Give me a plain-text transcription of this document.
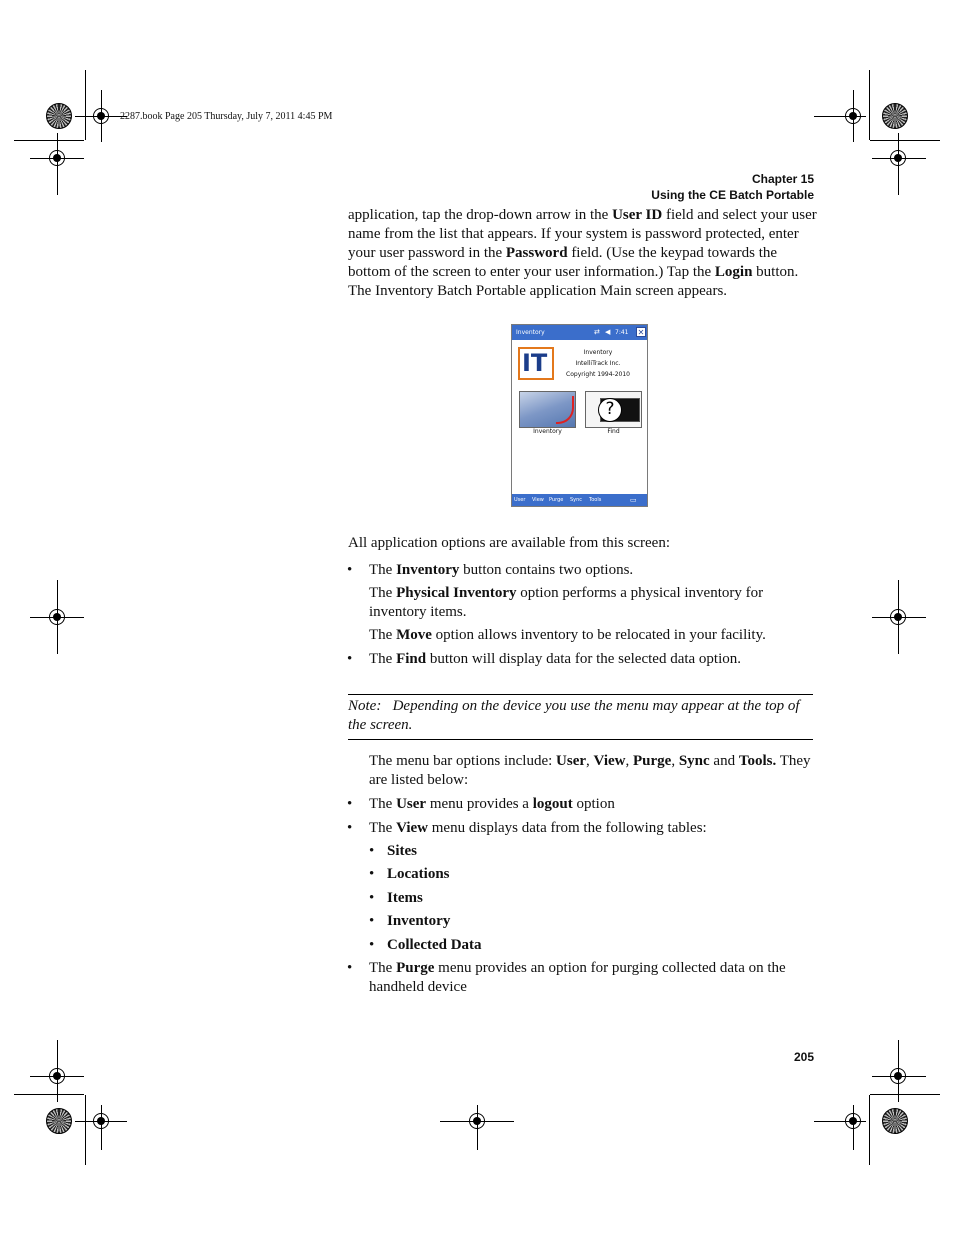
2287.book Page 205 Thursday, July 7, 2011 4:45 PM
Chapter 15
Using the CE Batch Portable
application, tap the drop-down arrow in the User ID field and select your user name from the list that appears. If your system is password protected, enter your user password in the Password field. (Use the keypad towards the bottom of the screen to enter your user information.) Tap the Login button. The Inventory Batch Portable application Main screen appears.
Inventory	⇄ ◀ 7:41 ✕
IT	Inventory
IntelliTrack Inc.
Copyright 1994-2010
Inventory
?
Find
User View Purge Sync Tools	▭
All application options are available from this screen:
• The Inventory button contains two options.
The Physical Inventory option performs a physical inventory for inventory items.
The Move option allows inventory to be relocated in your facility.
• The Find button will display data for the selected data option.
Note: Depending on the device you use the menu may appear at the top of the screen.
The menu bar options include: User, View, Purge, Sync and Tools. They are listed below:
• The User menu provides a logout option
• The View menu displays data from the following tables:
• Sites
• Locations
• Items
• Inventory
• Collected Data
• The Purge menu provides an option for purging collected data on the handheld device
205
